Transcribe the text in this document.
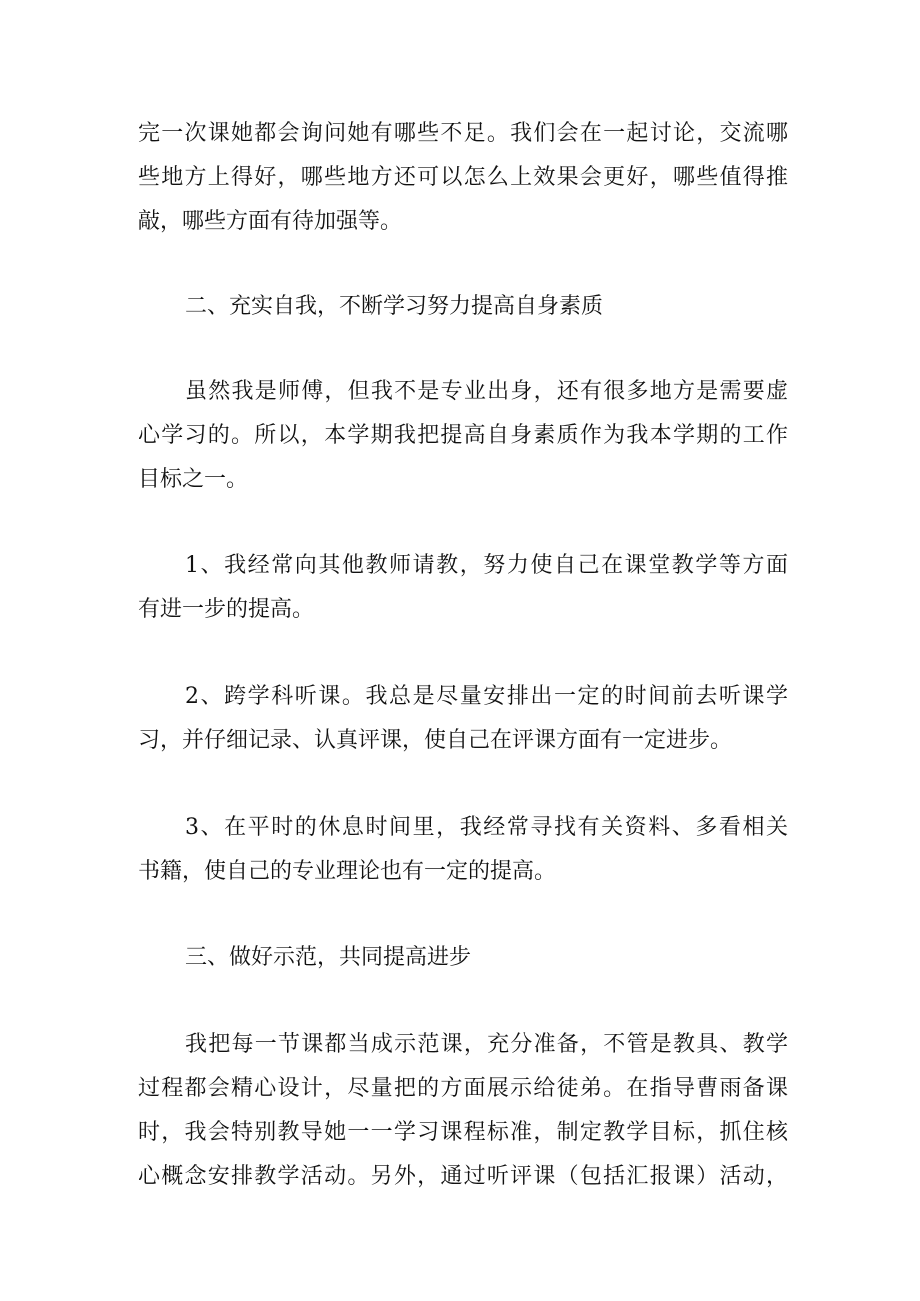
完一次课她都会询问她有哪些不足。我们会在一起讨论，交流哪
些地方上得好，哪些地方还可以怎么上效果会更好，哪些值得推
敲，哪些方面有待加强等。
二、充实自我，不断学习努力提高自身素质
虽然我是师傅，但我不是专业出身，还有很多地方是需要虚
心学习的。所以，本学期我把提高自身素质作为我本学期的工作
目标之一。
1、我经常向其他教师请教，努力使自己在课堂教学等方面
有进一步的提高。
2、跨学科听课。我总是尽量安排出一定的时间前去听课学
习，并仔细记录、认真评课，使自己在评课方面有一定进步。
3、在平时的休息时间里，我经常寻找有关资料、多看相关
书籍，使自己的专业理论也有一定的提高。
三、做好示范，共同提高进步
我把每一节课都当成示范课，充分准备，不管是教具、教学
过程都会精心设计，尽量把的方面展示给徒弟。在指导曹雨备课
时，我会特别教导她一一学习课程标准，制定教学目标，抓住核
心概念安排教学活动。另外，通过听评课（包括汇报课）活动，
